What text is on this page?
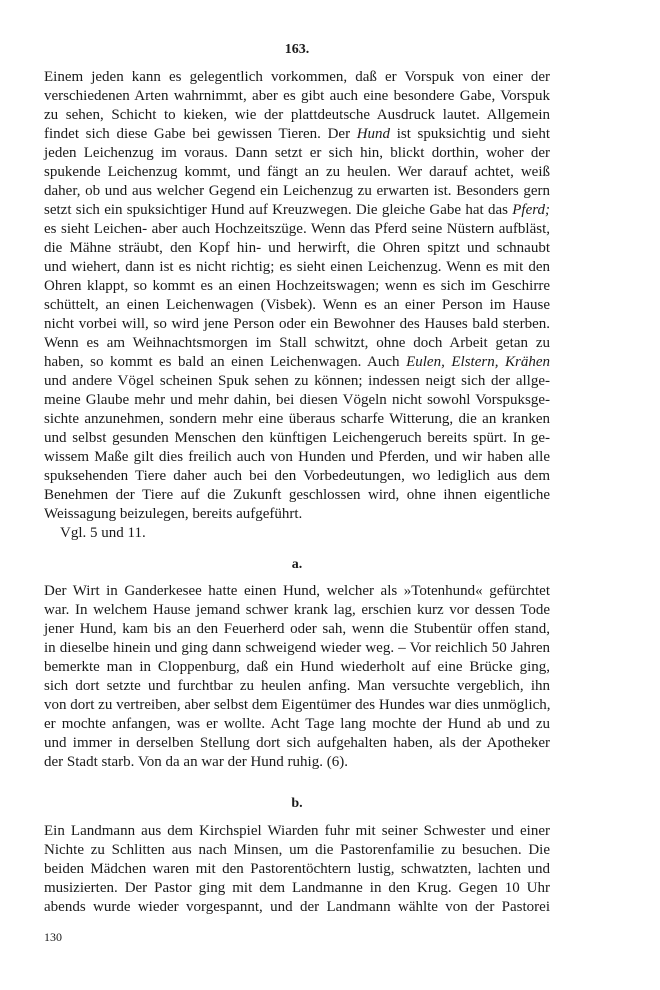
163.
Einem jeden kann es gelegentlich vorkommen, daß er Vorspuk von einer der
verschiedenen Arten wahrnimmt, aber es gibt auch eine besondere Gabe, Vorspuk
zu sehen, Schicht to kieken, wie der plattdeutsche Ausdruck lautet. Allgemein
findet sich diese Gabe bei gewissen Tieren. Der Hund ist spuksichtig und sieht
jeden Leichenzug im voraus. Dann setzt er sich hin, blickt dorthin, woher der
spukende Leichenzug kommt, und fängt an zu heulen. Wer darauf achtet, weiß
daher, ob und aus welcher Gegend ein Leichenzug zu erwarten ist. Besonders gern
setzt sich ein spuksichtiger Hund auf Kreuzwegen. Die gleiche Gabe hat das Pferd;
es sieht Leichen- aber auch Hochzeitszüge. Wenn das Pferd seine Nüstern aufbläst,
die Mähne sträubt, den Kopf hin- und herwirft, die Ohren spitzt und schnaubt
und wiehert, dann ist es nicht richtig; es sieht einen Leichenzug. Wenn es mit den
Ohren klappt, so kommt es an einen Hochzeitswagen; wenn es sich im Geschirre
schüttelt, an einen Leichenwagen (Visbek). Wenn es an einer Person im Hause
nicht vorbei will, so wird jene Person oder ein Bewohner des Hauses bald sterben.
Wenn es am Weihnachtsmorgen im Stall schwitzt, ohne doch Arbeit getan zu
haben, so kommt es bald an einen Leichenwagen. Auch Eulen, Elstern, Krähen
und andere Vögel scheinen Spuk sehen zu können; indessen neigt sich der allge-
meine Glaube mehr und mehr dahin, bei diesen Vögeln nicht sowohl Vorspuksge-
sichte anzunehmen, sondern mehr eine überaus scharfe Witterung, die an kranken
und selbst gesunden Menschen den künftigen Leichengeruch bereits spürt. In ge-
wissem Maße gilt dies freilich auch von Hunden und Pferden, und wir haben alle
spuksehenden Tiere daher auch bei den Vorbedeutungen, wo lediglich aus dem
Benehmen der Tiere auf die Zukunft geschlossen wird, ohne ihnen eigentliche
Weissagung beizulegen, bereits aufgeführt.
Vgl. 5 und 11.
a.
Der Wirt in Ganderkesee hatte einen Hund, welcher als »Totenhund« gefürchtet
war. In welchem Hause jemand schwer krank lag, erschien kurz vor dessen Tode
jener Hund, kam bis an den Feuerherd oder sah, wenn die Stubentür offen stand,
in dieselbe hinein und ging dann schweigend wieder weg. – Vor reichlich 50 Jahren
bemerkte man in Cloppenburg, daß ein Hund wiederholt auf eine Brücke ging,
sich dort setzte und furchtbar zu heulen anfing. Man versuchte vergeblich, ihn
von dort zu vertreiben, aber selbst dem Eigentümer des Hundes war dies unmöglich,
er mochte anfangen, was er wollte. Acht Tage lang mochte der Hund ab und zu
und immer in derselben Stellung dort sich aufgehalten haben, als der Apotheker
der Stadt starb. Von da an war der Hund ruhig. (6).
b.
Ein Landmann aus dem Kirchspiel Wiarden fuhr mit seiner Schwester und einer
Nichte zu Schlitten aus nach Minsen, um die Pastorenfamilie zu besuchen. Die
beiden Mädchen waren mit den Pastorentöchtern lustig, schwatzten, lachten und
musizierten. Der Pastor ging mit dem Landmanne in den Krug. Gegen 10 Uhr
abends wurde wieder vorgespannt, und der Landmann wählte von der Pastorei
130
